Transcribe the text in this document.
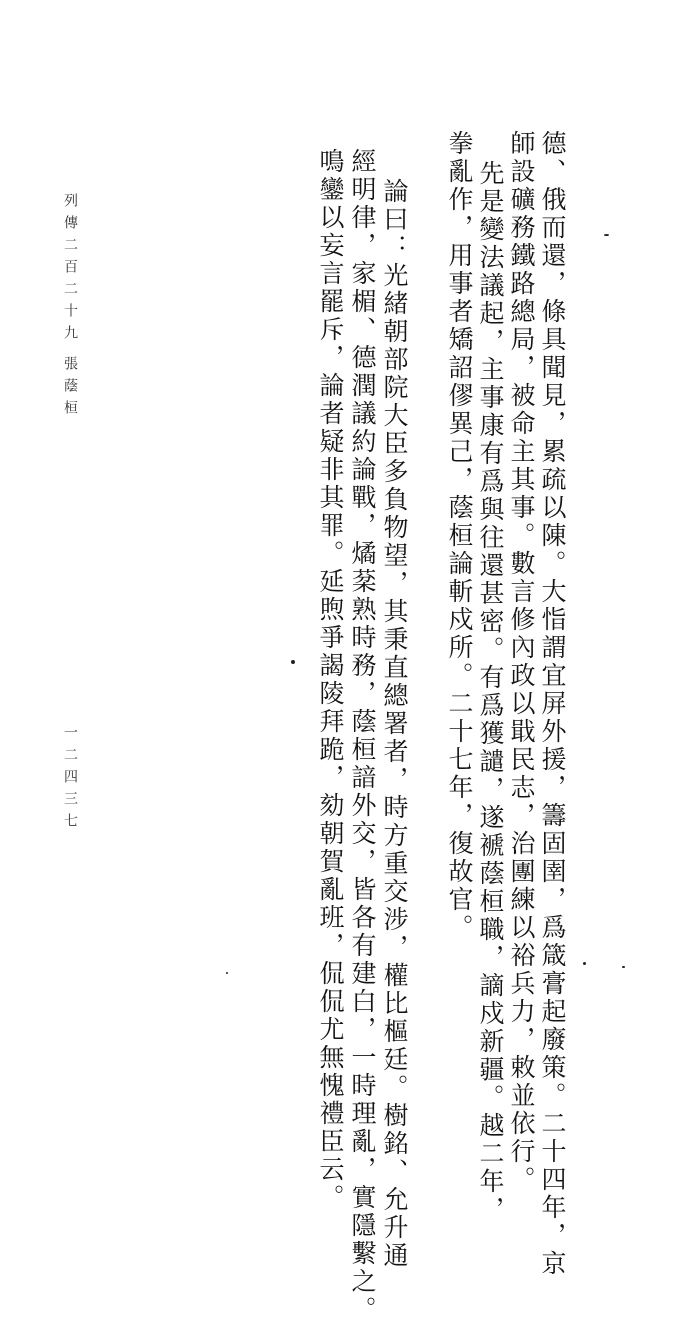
德、俄而還，條具聞見，累疏以陳。大恉謂宜屏外援，籌固圉，爲箴膏起廢策。二十四年，京
師設礦務鐵路總局，被命主其事。數言修內政以戢民志，治團練以裕兵力，敕並依行。
先是變法議起，主事康有爲與往還甚密。有爲獲譴，遂褫蔭桓職，謫戍新疆。越二年，
拳亂作，用事者矯詔僇異己，蔭桓論斬戍所。二十七年，復故官。
論曰：光緒朝部院大臣多負物望，其秉直總署者，時方重交涉，權比樞廷。樹銘、允升通
經明律，家楣、德潤議約論戰，燏棻熟時務，蔭桓諳外交，皆各有建白，一時理亂，實隱繫之。
鳴鑾以妄言罷斥，論者疑非其罪。延煦爭謁陵拜跪，劾朝賀亂班，侃侃尤無愧禮臣云。
列傳二百二十九
張蔭桓
一二四三七
